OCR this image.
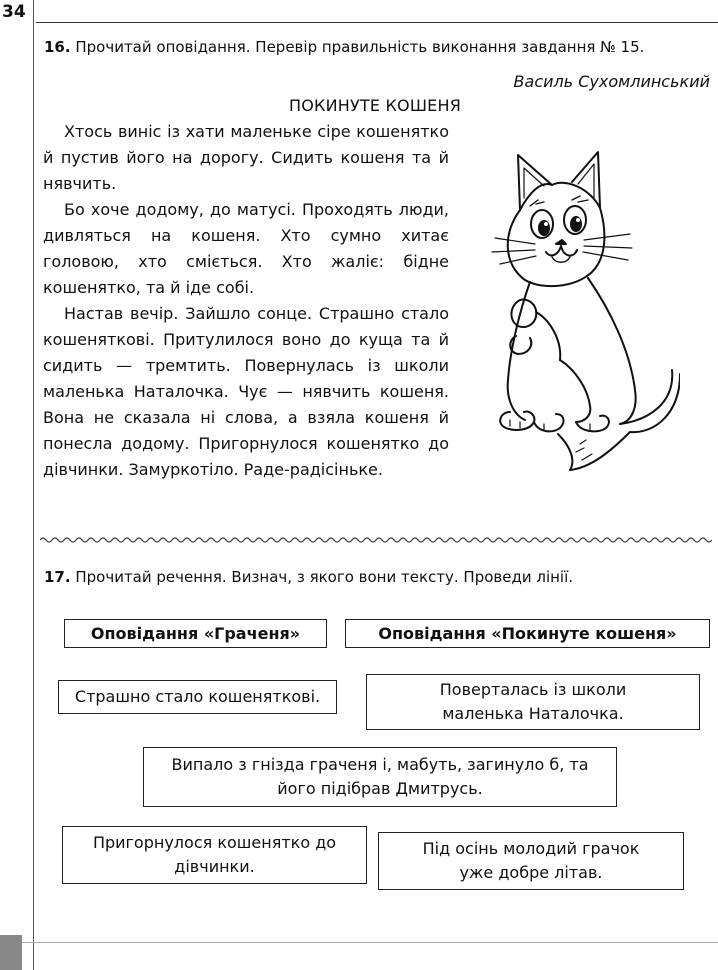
34
16. Прочитай оповідання. Перевір правильність виконання завдання № 15.
Василь Сухомлинський
ПОКИНУТЕ КОШЕНЯ

Хтось виніс із хати маленьке сіре кошенятко й пустив його на дорогу. Сидить кошеня та й нявчить.

Бо хоче додому, до матусі. Проходять люди, дивляться на кошеня. Хто сумно хитає головою, хто сміється. Хто жаліє: бідне кошенятко, та й іде собі.

Настав вечір. Зайшло сонце. Страшно стало кошеняткові. Притулилося воно до куща та й сидить — тремтить. Повернулась із школи маленька Наталочка. Чує — нявчить кошеня. Вона не сказала ні слова, а взяла кошеня й понесла додому. Пригорнулося кошенятко до дівчинки. Замуркотіло. Раде-радісіньке.

17. Прочитай речення. Визнач, з якого вони тексту. Проведи лінії.
Оповідання «Граченя»	Оповідання «Покинуте кошеня»
Страшно стало кошеняткові.	Поверталась із школи маленька Наталочка.
Випало з гнізда граченя і, мабуть, загинуло б, та його підібрав Дмитрусь.
Пригорнулося кошенятко до дівчинки.
Під осінь молодий грачок уже добре літав.
